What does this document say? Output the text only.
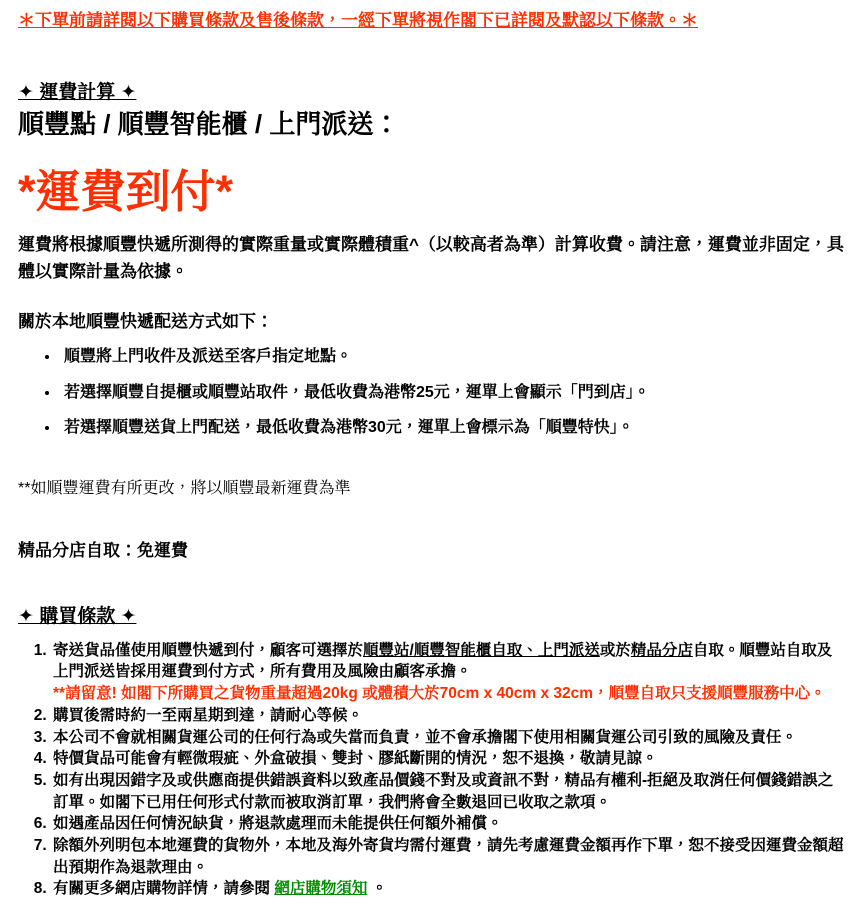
＊下單前請詳閱以下購買條款及售後條款，一經下單將視作閣下已詳閱及默認以下條款。＊

✦ 運費計算 ✦
順豐點 / 順豐智能櫃 / 上門派送：

*運費到付*

運費將根據順豐快遞所測得的實際重量或實際體積重^（以較高者為準）計算收費。請注意，運費並非固定，具體以實際計量為依據。

關於本地順豐快遞配送方式如下：

• 順豐將上門收件及派送至客戶指定地點。
• 若選擇順豐自提櫃或順豐站取件，最低收費為港幣25元，運單上會顯示「門到店」。
• 若選擇順豐送貨上門配送，最低收費為港幣30元，運單上會標示為「順豐特快」。

**如順豐運費有所更改，將以順豐最新運費為準

精品分店自取：免運費

✦ 購買條款 ✦
1. 寄送貨品僅使用順豐快遞到付，顧客可選擇於順豐站/順豐智能櫃自取、上門派送或於精品分店自取。順豐站自取及上門派送皆採用運費到付方式，所有費用及風險由顧客承擔。
**請留意! 如閣下所購買之貨物重量超過20kg 或體積大於70cm x 40cm x 32cm，順豐自取只支援順豐服務中心。
2. 購買後需時約一至兩星期到達，請耐心等候。
3. 本公司不會就相關貨運公司的任何行為或失當而負責，並不會承擔閣下使用相關貨運公司引致的風險及責任。
4. 特價貨品可能會有輕微瑕疵、外盒破損、雙封、膠紙斷開的情況，恕不退換，敬請見諒。
5. 如有出現因錯字及或供應商提供錯誤資料以致產品價錢不對及或資訊不對，精品有權利-拒絕及取消任何價錢錯誤之訂單。如閣下已用任何形式付款而被取消訂單，我們將會全數退回已收取之款項。
6. 如遇產品因任何情況缺貨，將退款處理而未能提供任何額外補償。
7. 除額外列明包本地運費的貨物外，本地及海外寄貨均需付運費，請先考慮運費金額再作下單，恕不接受因運費金額超出預期作為退款理由。
8. 有關更多網店購物詳情，請參閱 網店購物須知 。
